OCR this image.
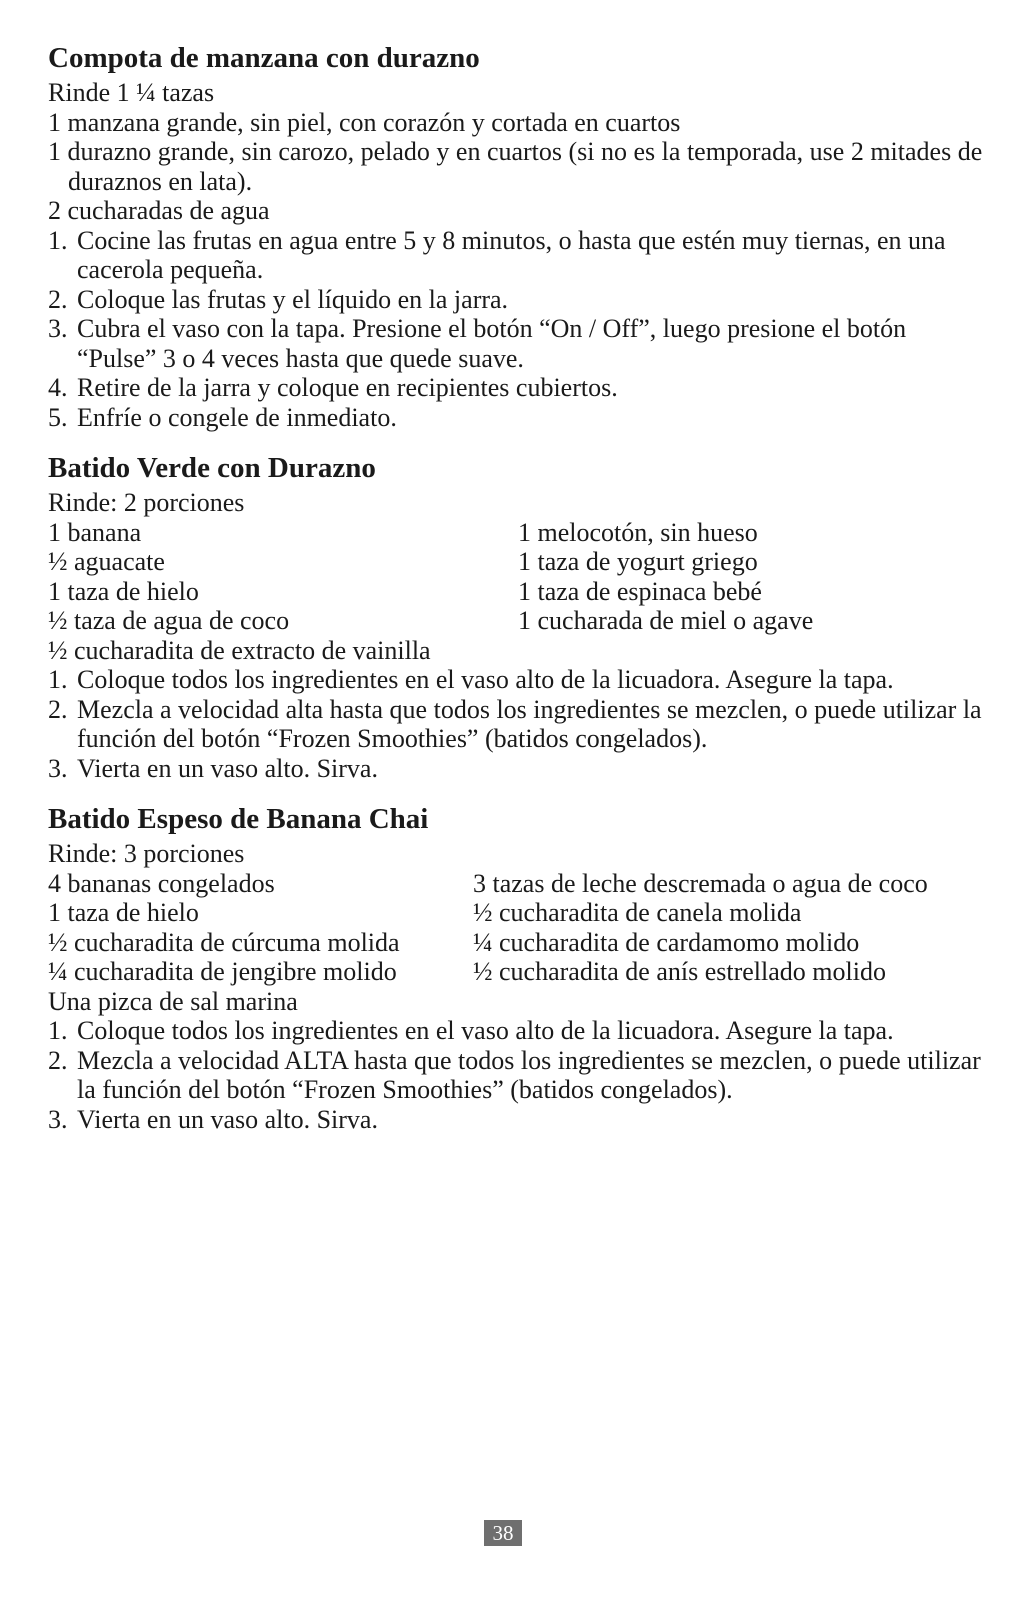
Compota de manzana con durazno
Rinde 1 ¼ tazas
1 manzana grande, sin piel, con corazón y cortada en cuartos
1 durazno grande, sin carozo, pelado y en cuartos (si no es la temporada, use 2 mitades de duraznos en lata).
2 cucharadas de agua
1. Cocine las frutas en agua entre 5 y 8 minutos, o hasta que estén muy tiernas, en una cacerola pequeña.
2. Coloque las frutas y el líquido en la jarra.
3. Cubra el vaso con la tapa. Presione el botón “On / Off”, luego presione el botón “Pulse” 3 o 4 veces hasta que quede suave.
4. Retire de la jarra y coloque en recipientes cubiertos.
5. Enfríe o congele de inmediato.
Batido Verde con Durazno
Rinde: 2 porciones
1 banana	1 melocotón, sin hueso
½ aguacate	1 taza de yogurt griego
1 taza de hielo	1 taza de espinaca bebé
½ taza de agua de coco	1 cucharada de miel o agave
½ cucharadita de extracto de vainilla
1. Coloque todos los ingredientes en el vaso alto de la licuadora. Asegure la tapa.
2. Mezcla a velocidad alta hasta que todos los ingredientes se mezclen, o puede utilizar la función del botón “Frozen Smoothies” (batidos congelados).
3. Vierta en un vaso alto. Sirva.
Batido Espeso de Banana Chai
Rinde: 3 porciones
4 bananas congelados	3 tazas de leche descremada o agua de coco
1 taza de hielo	½ cucharadita de canela molida
½ cucharadita de cúrcuma molida	¼ cucharadita de cardamomo molido
¼ cucharadita de jengibre molido	½ cucharadita de anís estrellado molido
Una pizca de sal marina
1. Coloque todos los ingredientes en el vaso alto de la licuadora. Asegure la tapa.
2. Mezcla a velocidad ALTA hasta que todos los ingredientes se mezclen, o puede utilizar la función del botón “Frozen Smoothies” (batidos congelados).
3. Vierta en un vaso alto. Sirva.
38
